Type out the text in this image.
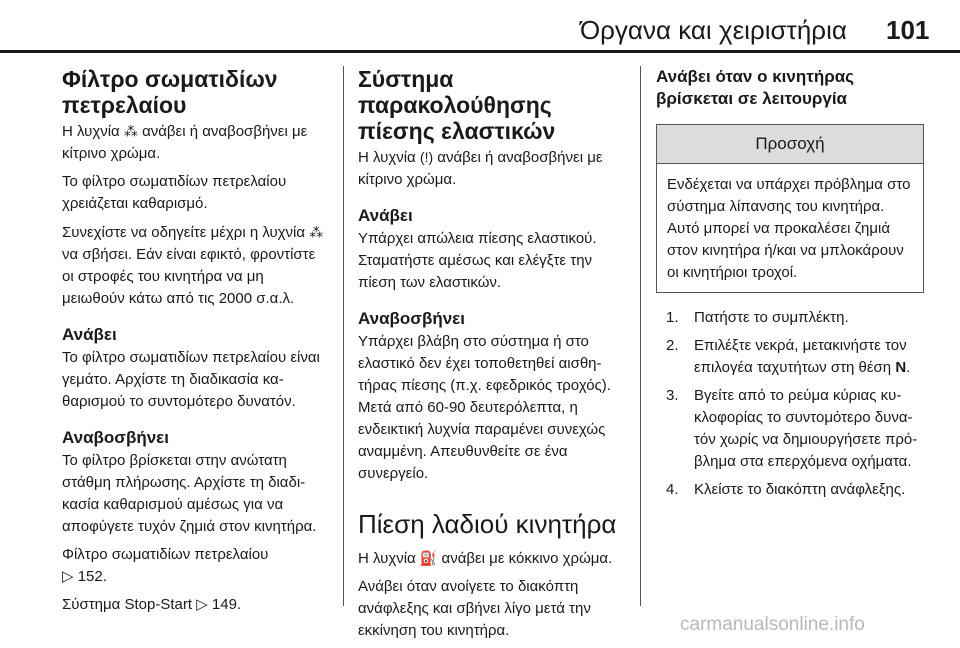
Όργανα και χειριστήρια 101
Φίλτρο σωματιδίων πετρελαίου

Η λυχνία ⁂ ανάβει ή αναβοσβήνει με κίτρινο χρώμα.

Το φίλτρο σωματιδίων πετρελαίου χρειάζεται καθαρισμό.

Συνεχίστε να οδηγείτε μέχρι η λυχνία ⁂ να σβήσει. Εάν είναι εφικτό, φροντίστε οι στροφές του κινητήρα να μη μειωθούν κάτω από τις 2000 σ.α.λ.

Ανάβει

Το φίλτρο σωματιδίων πετρελαίου είναι γεμάτο. Αρχίστε τη διαδικασία καθαρισμού το συντομότερο δυνατόν.

Αναβοσβήνει

Το φίλτρο βρίσκεται στην ανώτατη στάθμη πλήρωσης. Αρχίστε τη διαδικασία καθαρισμού αμέσως για να αποφύγετε τυχόν ζημιά στον κινητήρα.

Φίλτρο σωματιδίων πετρελαίου
▷ 152.

Σύστημα Stop-Start ▷ 149.

Σύστημα παρακολούθησης πίεσης ελαστικών

Η λυχνία (!) ανάβει ή αναβοσβήνει με κίτρινο χρώμα.

Ανάβει

Υπάρχει απώλεια πίεσης ελαστικού. Σταματήστε αμέσως και ελέγξτε την πίεση των ελαστικών.

Αναβοσβήνει

Υπάρχει βλάβη στο σύστημα ή στο ελαστικό δεν έχει τοποθετηθεί αισθητήρας πίεσης (π.χ. εφεδρικός τροχός). Μετά από 60-90 δευτερόλεπτα, η ενδεικτική λυχνία παραμένει συνεχώς αναμμένη. Απευθυνθείτε σε ένα συνεργείο.

Πίεση λαδιού κινητήρα

Η λυχνία ⛽ ανάβει με κόκκινο χρώμα.

Ανάβει όταν ανοίγετε το διακόπτη ανάφλεξης και σβήνει λίγο μετά την εκκίνηση του κινητήρα.

Ανάβει όταν ο κινητήρας βρίσκεται σε λειτουργία
Προσοχή
Ενδέχεται να υπάρχει πρόβλημα στο σύστημα λίπανσης του κινητήρα. Αυτό μπορεί να προκαλέσει ζημιά στον κινητήρα ή/και να μπλοκάρουν οι κινητήριοι τροχοί.
1.	Πατήστε το συμπλέκτη.
2.	Επιλέξτε νεκρά, μετακινήστε τον επιλογέα ταχυτήτων στη θέση N.
3.	Βγείτε από το ρεύμα κύριας κυκλοφορίας το συντομότερο δυνατόν χωρίς να δημιουργήσετε πρόβλημα στα επερχόμενα οχήματα.
4.	Κλείστε το διακόπτη ανάφλεξης.
carmanualsonline.info
